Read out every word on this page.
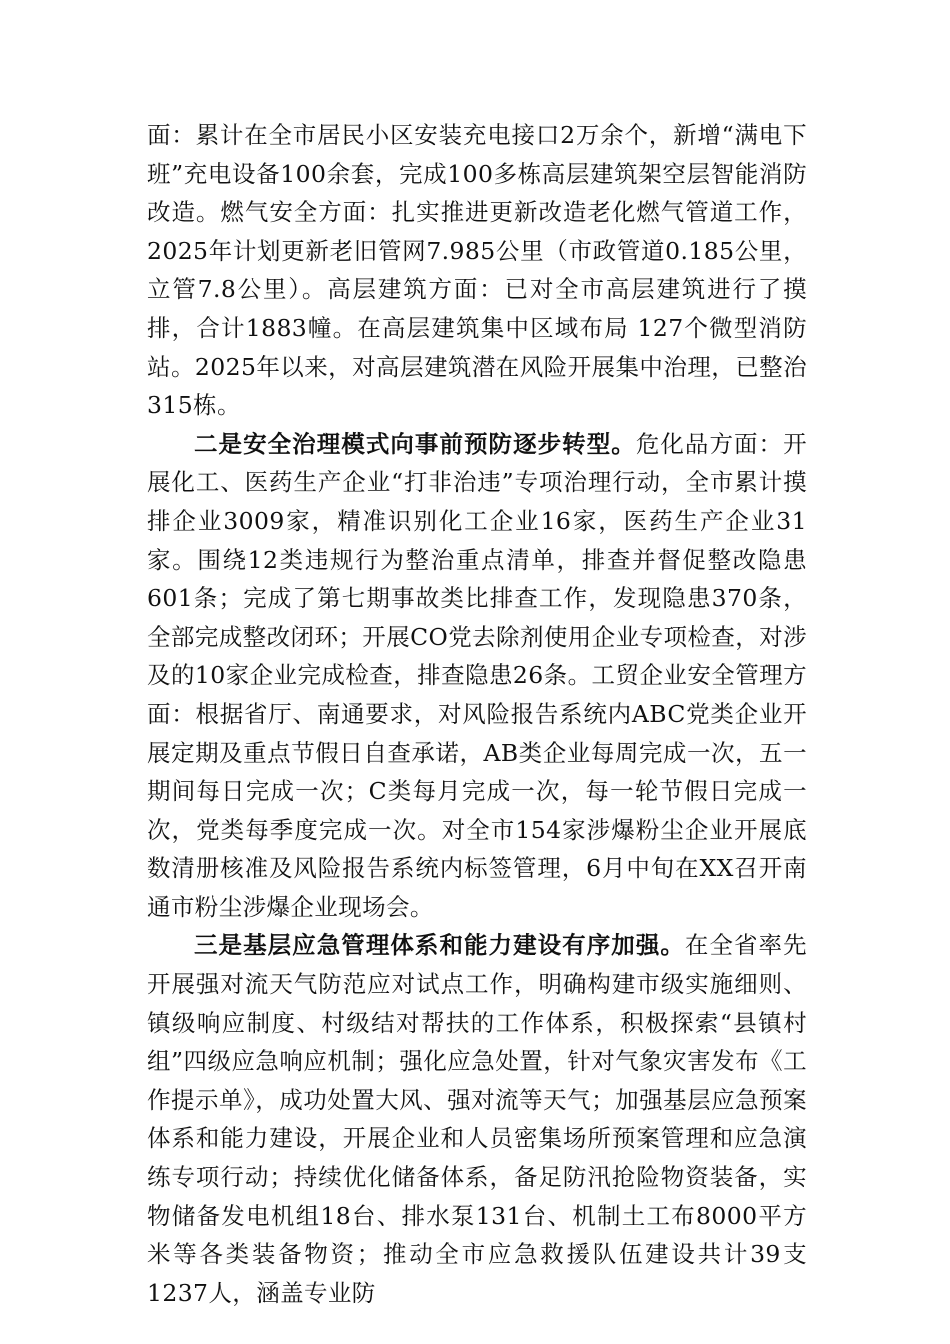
面：累计在全市居民小区安装充电接口2万余个，新增“满电下班”充电设备100余套，完成100多栋高层建筑架空层智能消防改造。燃气安全方面：扎实推进更新改造老化燃气管道工作，2025年计划更新老旧管网7.985公里（市政管道0.185公里，立管7.8公里）。高层建筑方面：已对全市高层建筑进行了摸排，合计1883幢。在高层建筑集中区域布局 127个微型消防站。2025年以来，对高层建筑潜在风险开展集中治理，已整治315栋。

二是安全治理模式向事前预防逐步转型。危化品方面：开展化工、医药生产企业“打非治违”专项治理行动，全市累计摸排企业3009家，精准识别化工企业16家，医药生产企业31家。围绕12类违规行为整治重点清单，排查并督促整改隐患601条；完成了第七期事故类比排查工作，发现隐患370条，全部完成整改闭环；开展CO党去除剂使用企业专项检查，对涉及的10家企业完成检查，排查隐患26条。工贸企业安全管理方面：根据省厅、南通要求，对风险报告系统内ABC党类企业开展定期及重点节假日自查承诺，AB类企业每周完成一次，五一期间每日完成一次；C类每月完成一次，每一轮节假日完成一次，党类每季度完成一次。对全市154家涉爆粉尘企业开展底数清册核准及风险报告系统内标签管理，6月中旬在XX召开南通市粉尘涉爆企业现场会。

三是基层应急管理体系和能力建设有序加强。在全省率先开展强对流天气防范应对试点工作，明确构建市级实施细则、镇级响应制度、村级结对帮扶的工作体系，积极探索“县镇村组”四级应急响应机制；强化应急处置，针对气象灾害发布《工作提示单》，成功处置大风、强对流等天气；加强基层应急预案体系和能力建设，开展企业和人员密集场所预案管理和应急演练专项行动；持续优化储备体系，备足防汛抢险物资装备，实物储备发电机组18台、排水泵131台、机制土工布8000平方米等各类装备物资；推动全市应急救援队伍建设共计39支1237人，涵盖专业防
